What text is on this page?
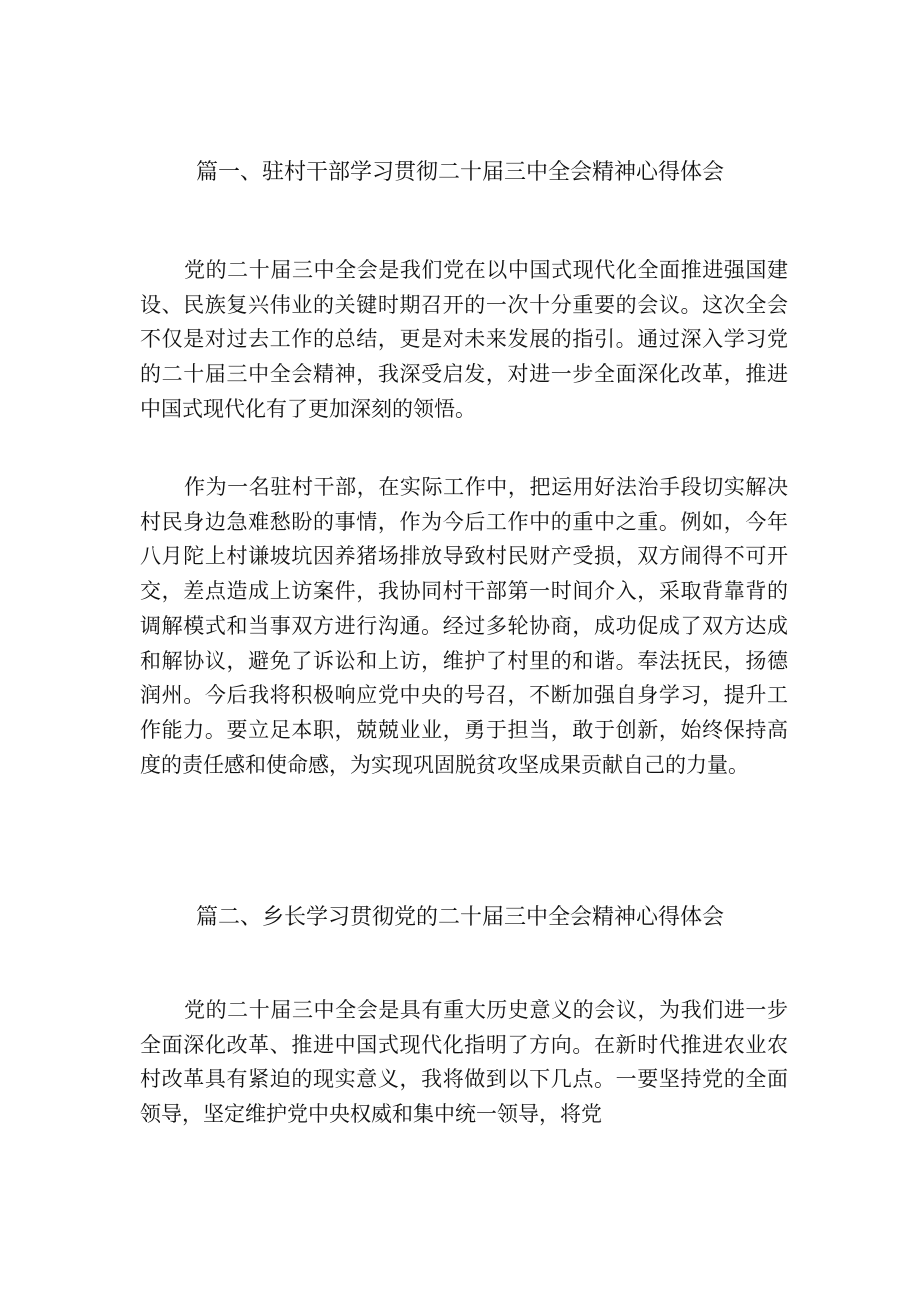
篇一、驻村干部学习贯彻二十届三中全会精神心得体会

党的二十届三中全会是我们党在以中国式现代化全面推进强国建设、民族复兴伟业的关键时期召开的一次十分重要的会议。这次全会不仅是对过去工作的总结，更是对未来发展的指引。通过深入学习党的二十届三中全会精神，我深受启发，对进一步全面深化改革，推进中国式现代化有了更加深刻的领悟。

作为一名驻村干部，在实际工作中，把运用好法治手段切实解决村民身边急难愁盼的事情，作为今后工作中的重中之重。例如，今年八月陀上村谦坡坑因养猪场排放导致村民财产受损，双方闹得不可开交，差点造成上访案件，我协同村干部第一时间介入，采取背靠背的调解模式和当事双方进行沟通。经过多轮协商，成功促成了双方达成和解协议，避免了诉讼和上访，维护了村里的和谐。奉法抚民，扬德润州。今后我将积极响应党中央的号召，不断加强自身学习，提升工作能力。要立足本职，兢兢业业，勇于担当，敢于创新，始终保持高度的责任感和使命感，为实现巩固脱贫攻坚成果贡献自己的力量。

篇二、乡长学习贯彻党的二十届三中全会精神心得体会

党的二十届三中全会是具有重大历史意义的会议，为我们进一步全面深化改革、推进中国式现代化指明了方向。在新时代推进农业农村改革具有紧迫的现实意义，我将做到以下几点。一要坚持党的全面领导，坚定维护党中央权威和集中统一领导，将党
